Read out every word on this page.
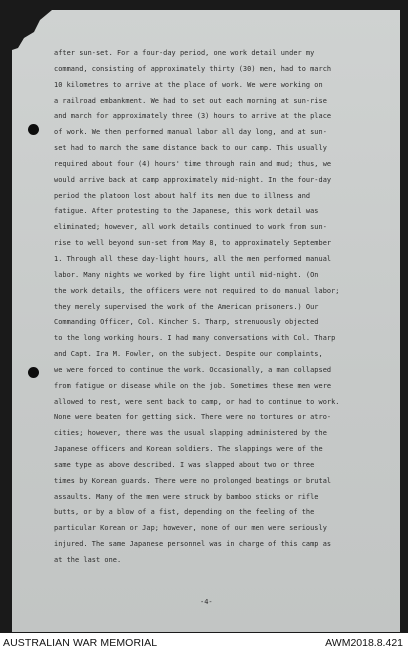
after sun-set. For a four-day period, one work detail under my
command, consisting of approximately thirty (30) men, had to march
10 kilometres to arrive at the place of work. We were working on
a railroad embankment. We had to set out each morning at sun-rise
and march for approximately three (3) hours to arrive at the place
of work. We then performed manual labor all day long, and at sun-
set had to march the same distance back to our camp. This usually
required about four (4) hours' time through rain and mud; thus, we
would arrive back at camp approximately mid-night. In the four-day
period the platoon lost about half its men due to illness and
fatigue. After protesting to the Japanese, this work detail was
eliminated; however, all work details continued to work from sun-
rise to well beyond sun-set from May 8, to approximately September
1. Through all these day-light hours, all the men performed manual
labor. Many nights we worked by fire light until mid-night. (On
the work details, the officers were not required to do manual labor;
they merely supervised the work of the American prisoners.) Our
Commanding Officer, Col. Kincher S. Tharp, strenuously objected
to the long working hours. I had many conversations with Col. Tharp
and Capt. Ira M. Fowler, on the subject. Despite our complaints,
we were forced to continue the work. Occasionally, a man collapsed
from fatigue or disease while on the job. Sometimes these men were
allowed to rest, were sent back to camp, or had to continue to work.
None were beaten for getting sick. There were no tortures or atro-
cities; however, there was the usual slapping administered by the
Japanese officers and Korean soldiers. The slappings were of the
same type as above described. I was slapped about two or three
times by Korean guards. There were no prolonged beatings or brutal
assaults. Many of the men were struck by bamboo sticks or rifle
butts, or by a blow of a fist, depending on the feeling of the
particular Korean or Jap; however, none of our men were seriously
injured. The same Japanese personnel was in charge of this camp as
at the last one.
-4-
AUSTRALIAN WAR MEMORIAL	AWM2018.8.421
